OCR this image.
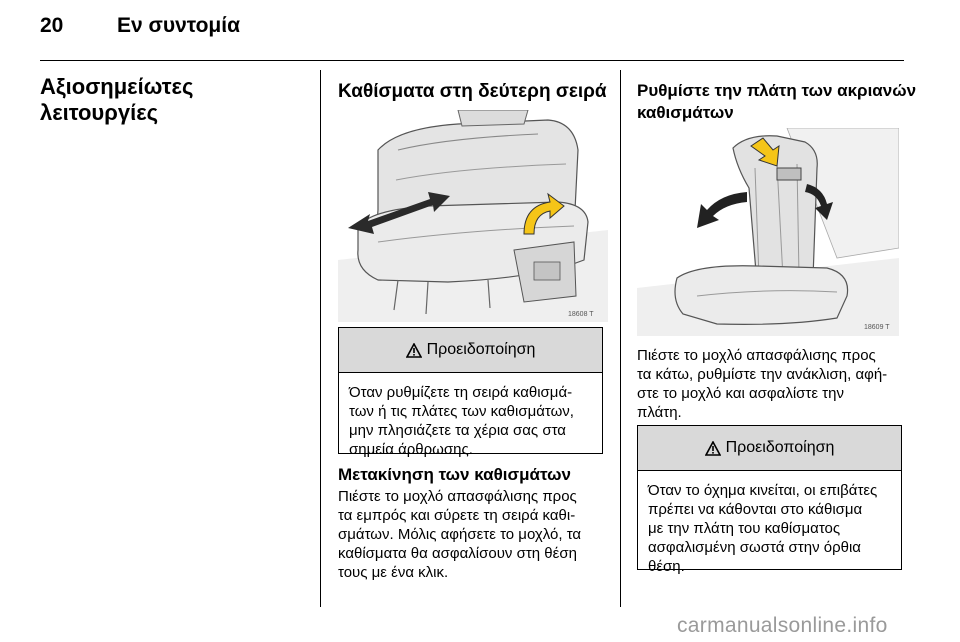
20	Εν συντομία
Αξιοσημείωτες
λειτουργίες
Καθίσματα στη δεύτερη σειρά
18608 T
Προειδοποίηση
Όταν ρυθμίζετε τη σειρά καθισμά-
των ή τις πλάτες των καθισμάτων,
μην πλησιάζετε τα χέρια σας στα
σημεία άρθρωσης.
Μετακίνηση των καθισμάτων
Πιέστε το μοχλό απασφάλισης προς
τα εμπρός και σύρετε τη σειρά καθι-
σμάτων. Μόλις αφήσετε το μοχλό, τα
καθίσματα θα ασφαλίσουν στη θέση
τους με ένα κλικ.
Ρυθμίστε την πλάτη των ακριανών
καθισμάτων
18609 T
Πιέστε το μοχλό απασφάλισης προς
τα κάτω, ρυθμίστε την ανάκλιση, αφή-
στε το μοχλό και ασφαλίστε την
πλάτη.
Προειδοποίηση
Όταν το όχημα κινείται, οι επιβάτες
πρέπει να κάθονται στο κάθισμα
με την πλάτη του καθίσματος
ασφαλισμένη σωστά στην όρθια
θέση.
carmanualsonline.info
